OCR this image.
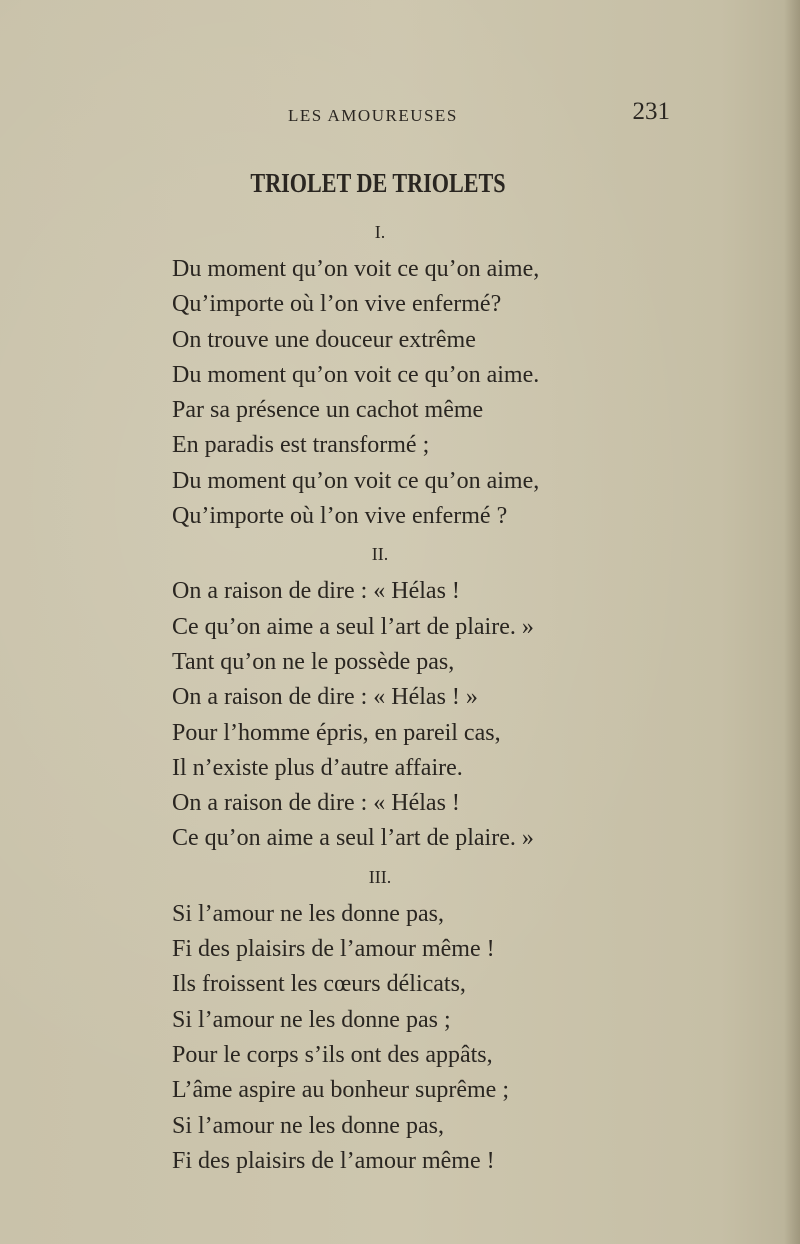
LES AMOUREUSES	231
TRIOLET DE TRIOLETS
I.
Du moment qu’on voit ce qu’on aime,
Qu’importe où l’on vive enfermé?
On trouve une douceur extrême
Du moment qu’on voit ce qu’on aime.
Par sa présence un cachot même
En paradis est transformé ;
Du moment qu’on voit ce qu’on aime,
Qu’importe où l’on vive enfermé ?
II.
On a raison de dire : « Hélas !
Ce qu’on aime a seul l’art de plaire. »
Tant qu’on ne le possède pas,
On a raison de dire : « Hélas ! »
Pour l’homme épris, en pareil cas,
Il n’existe plus d’autre affaire.
On a raison de dire : « Hélas !
Ce qu’on aime a seul l’art de plaire. »
III.
Si l’amour ne les donne pas,
Fi des plaisirs de l’amour même !
Ils froissent les cœurs délicats,
Si l’amour ne les donne pas ;
Pour le corps s’ils ont des appâts,
L’âme aspire au bonheur suprême ;
Si l’amour ne les donne pas,
Fi des plaisirs de l’amour même !
